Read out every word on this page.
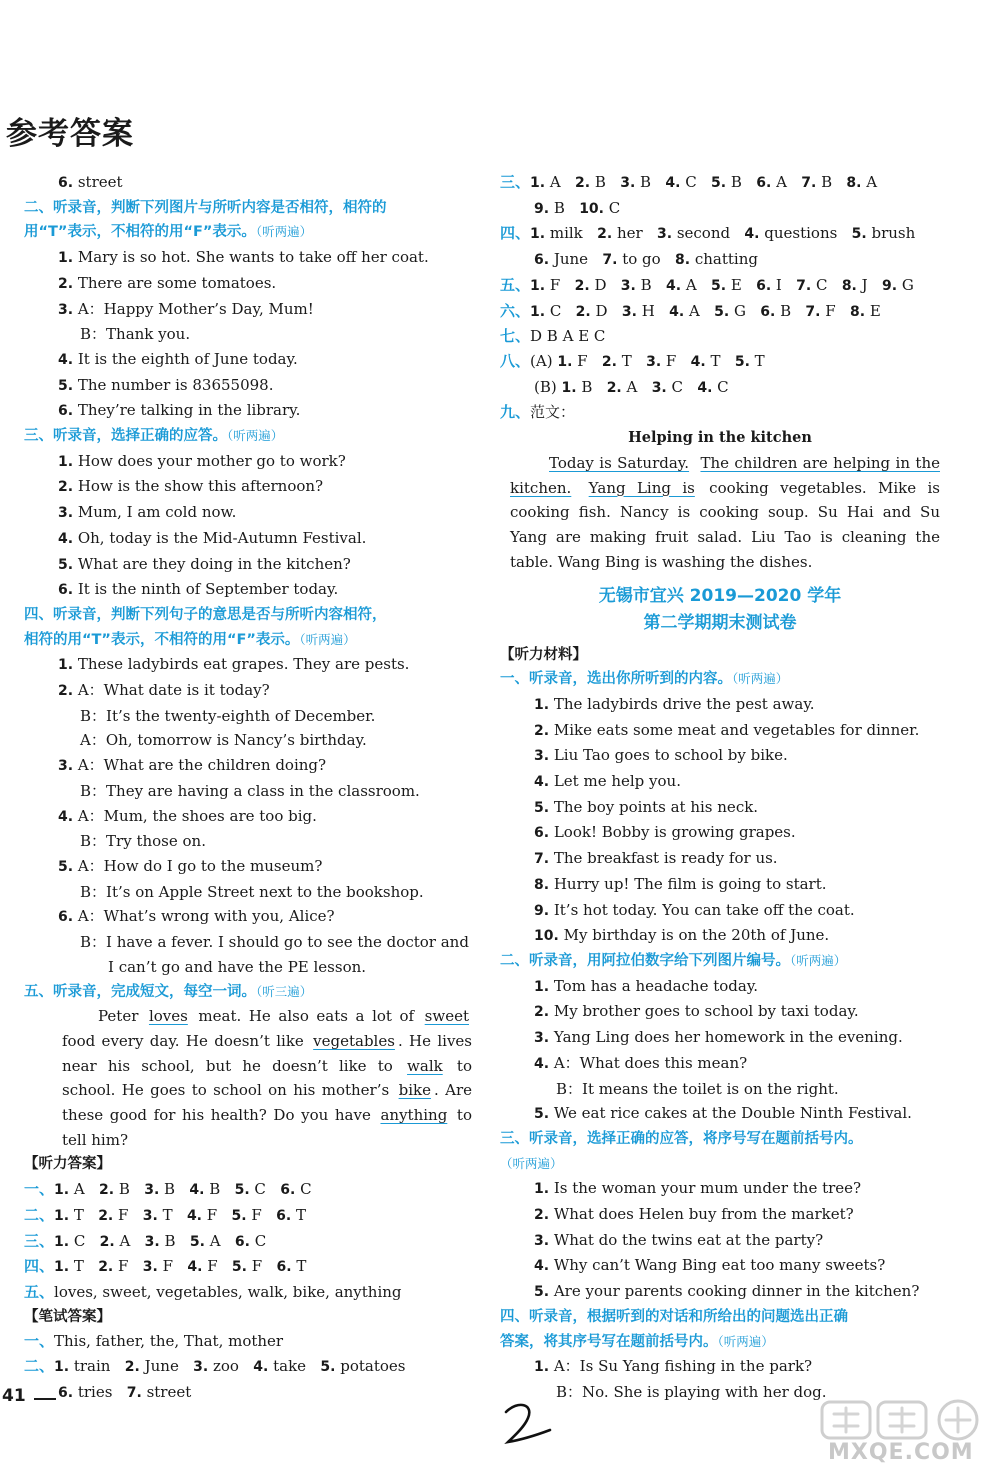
参考答案
6. street
二、听录音，判断下列图片与所听内容是否相符，相符的
用“T”表示，不相符的用“F”表示。（听两遍）
1. Mary is so hot. She wants to take off her coat.
2. There are some tomatoes.
3. A：Happy Mother’s Day, Mum!
B：Thank you.
4. It is the eighth of June today.
5. The number is 83655098.
6. They’re talking in the library.
三、听录音，选择正确的应答。（听两遍）
1. How does your mother go to work?
2. How is the show this afternoon?
3. Mum, I am cold now.
4. Oh, today is the Mid-Autumn Festival.
5. What are they doing in the kitchen?
6. It is the ninth of September today.
四、听录音，判断下列句子的意思是否与所听内容相符，
相符的用“T”表示，不相符的用“F”表示。（听两遍）
1. These ladybirds eat grapes. They are pests.
2. A：What date is it today?
B：It’s the twenty-eighth of December.
A：Oh, tomorrow is Nancy’s birthday.
3. A：What are the children doing?
B：They are having a class in the classroom.
4. A：Mum, the shoes are too big.
B：Try those on.
5. A：How do I go to the museum?
B：It’s on Apple Street next to the bookshop.
6. A：What’s wrong with you, Alice?
B：I have a fever. I should go to see the doctor and
I can’t go and have the PE lesson.
五、听录音，完成短文，每空一词。（听三遍）
Peter loves meat. He also eats a lot of sweet food every day. He doesn’t like vegetables . He lives near his school, but he doesn’t like to walk to school. He goes to school on his mother’s bike . Are these good for his health? Do you have anything to tell him?
【听力答案】
一、1. A 2. B 3. B 4. B 5. C 6. C
二、1. T 2. F 3. T 4. F 5. F 6. T
三、1. C 2. A 3. B 5. A 6. C
四、1. T 2. F 3. F 4. F 5. F 6. T
五、loves, sweet, vegetables, walk, bike, anything
【笔试答案】
一、This, father, the, That, mother
二、1. train 2. June 3. zoo 4. take 5. potatoes
6. tries 7. street
三、1. A 2. B 3. B 4. C 5. B 6. A 7. B 8. A
9. B 10. C
四、1. milk 2. her 3. second 4. questions 5. brush
6. June 7. to go 8. chatting
五、1. F 2. D 3. B 4. A 5. E 6. I 7. C 8. J 9. G
六、1. C 2. D 3. H 4. A 5. G 6. B 7. F 8. E
七、D B A E C
八、(A) 1. F 2. T 3. F 4. T 5. T
(B) 1. B 2. A 3. C 4. C
九、范文：
Helping in the kitchen
Today is Saturday. The children are helping in the kitchen. Yang Ling is cooking vegetables. Mike is cooking fish. Nancy is cooking soup. Su Hai and Su Yang are making fruit salad. Liu Tao is cleaning the table. Wang Bing is washing the dishes.
无锡市宜兴 2019—2020 学年
第二学期期末测试卷
【听力材料】
一、听录音，选出你所听到的内容。（听两遍）
1. The ladybirds drive the pest away.
2. Mike eats some meat and vegetables for dinner.
3. Liu Tao goes to school by bike.
4. Let me help you.
5. The boy points at his neck.
6. Look! Bobby is growing grapes.
7. The breakfast is ready for us.
8. Hurry up! The film is going to start.
9. It’s hot today. You can take off the coat.
10. My birthday is on the 20th of June.
二、听录音，用阿拉伯数字给下列图片编号。（听两遍）
1. Tom has a headache today.
2. My brother goes to school by taxi today.
3. Yang Ling does her homework in the evening.
4. A：What does this mean?
B：It means the toilet is on the right.
5. We eat rice cakes at the Double Ninth Festival.
三、听录音，选择正确的应答，将序号写在题前括号内。
（听两遍）
1. Is the woman your mum under the tree?
2. What does Helen buy from the market?
3. What do the twins eat at the party?
4. Why can’t Wang Bing eat too many sweets?
5. Are your parents cooking dinner in the kitchen?
四、听录音，根据听到的对话和所给出的问题选出正确
答案，将其序号写在题前括号内。（听两遍）
1. A：Is Su Yang fishing in the park?
B：No. She is playing with her dog.
41
MXQE.COM
